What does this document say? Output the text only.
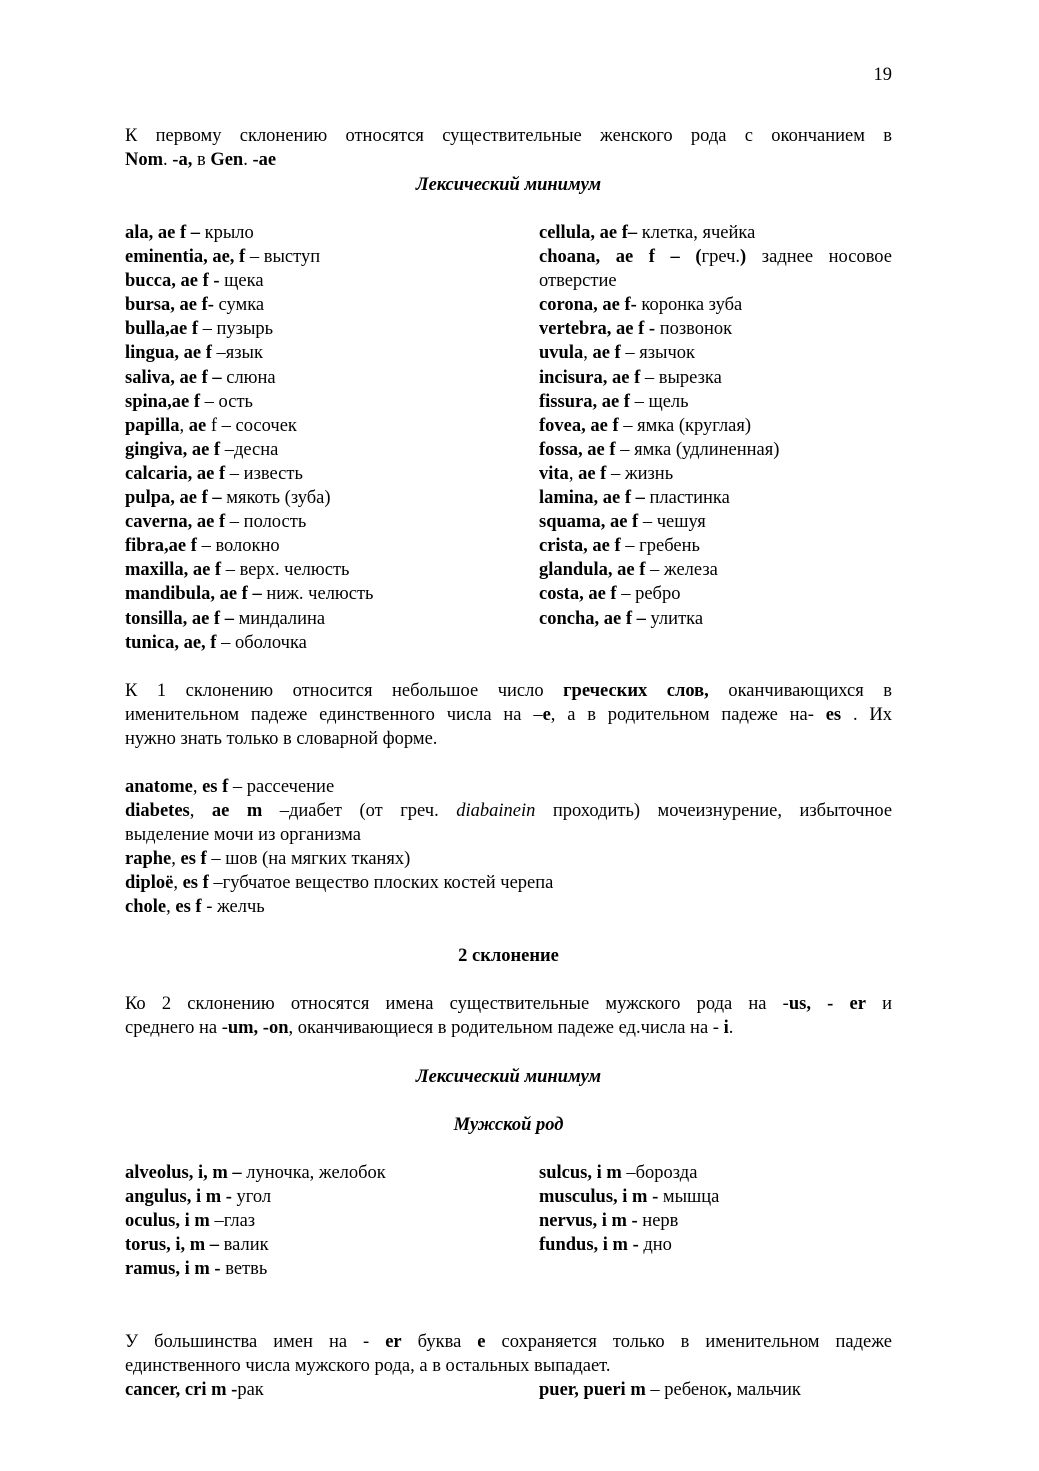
19
К первому склонению относятся существительные женского рода с окончанием в
Nom. -a, в Gen. -ae
Лексический минимум
ala, ae f – крыло
eminentia, ae, f – выступ
bucca, ae f - щека
bursa, ae f- сумка
bulla,ae f – пузырь
lingua, ae f –язык
saliva, ae f – слюна
spina,ae f – ость
papilla, ae f – сосочек
gingiva, ae f –десна
calcaria, ae f – известь
pulpa, ae f – мякоть (зуба)
caverna, ae f – полость
fibra,ae f – волокно
maxilla, ae f – верх. челюсть
mandibula, ae f – ниж. челюсть
tonsilla, ae f – миндалина
tunica, ae, f – оболочка
cellula, ae f– клетка, ячейка
choana, ae f – (греч.) заднее носовое отверстие
corona, ae f- коронка зуба
vertebra, ae f - позвонок
uvula, ae f – язычок
incisura, ae f – вырезка
fissura, ae f – щель
fovea, ae f – ямка (круглая)
fossa, ae f – ямка (удлиненная)
vita, ae f – жизнь
lamina, ae f – пластинка
squama, ae f – чешуя
crista, ae f – гребень
glandula, ae f – железа
costa, ae f – ребро
concha, ae f – улитка
К 1 склонению относится небольшое число греческих слов, оканчивающихся в
именительном падеже единственного числа на –e, а в родительном падеже на- es . Их
нужно знать только в словарной форме.
anatome, es f – рассечение
diabetes, ae m –диабет (от греч. diabainein проходить) мочеизнурение, избыточное
выделение мочи из организма
raphe, es f – шов (на мягких тканях)
diploё, es f –губчатое вещество плоских костей черепа
chole, es f - желчь
2 склонение
Ко 2 склонению относятся имена существительные мужского рода на -us, - er и
среднего на -um, -on, оканчивающиеся в родительном падеже ед.числа на - i.
Лексический минимум
Мужской род
alveolus, i, m – луночка, желобок
angulus, i m - угол
oculus, i m –глаз
torus, i, m – валик
ramus, i m - ветвь
sulcus, i m –борозда
musculus, i m - мышца
nervus, i m - нерв
fundus, i m - дно
У большинства имен на - er буква e сохраняется только в именительном падеже
единственного числа мужского рода, а в остальных выпадает.
cancer, cri m -рак	puer, pueri m – ребенок, мальчик
